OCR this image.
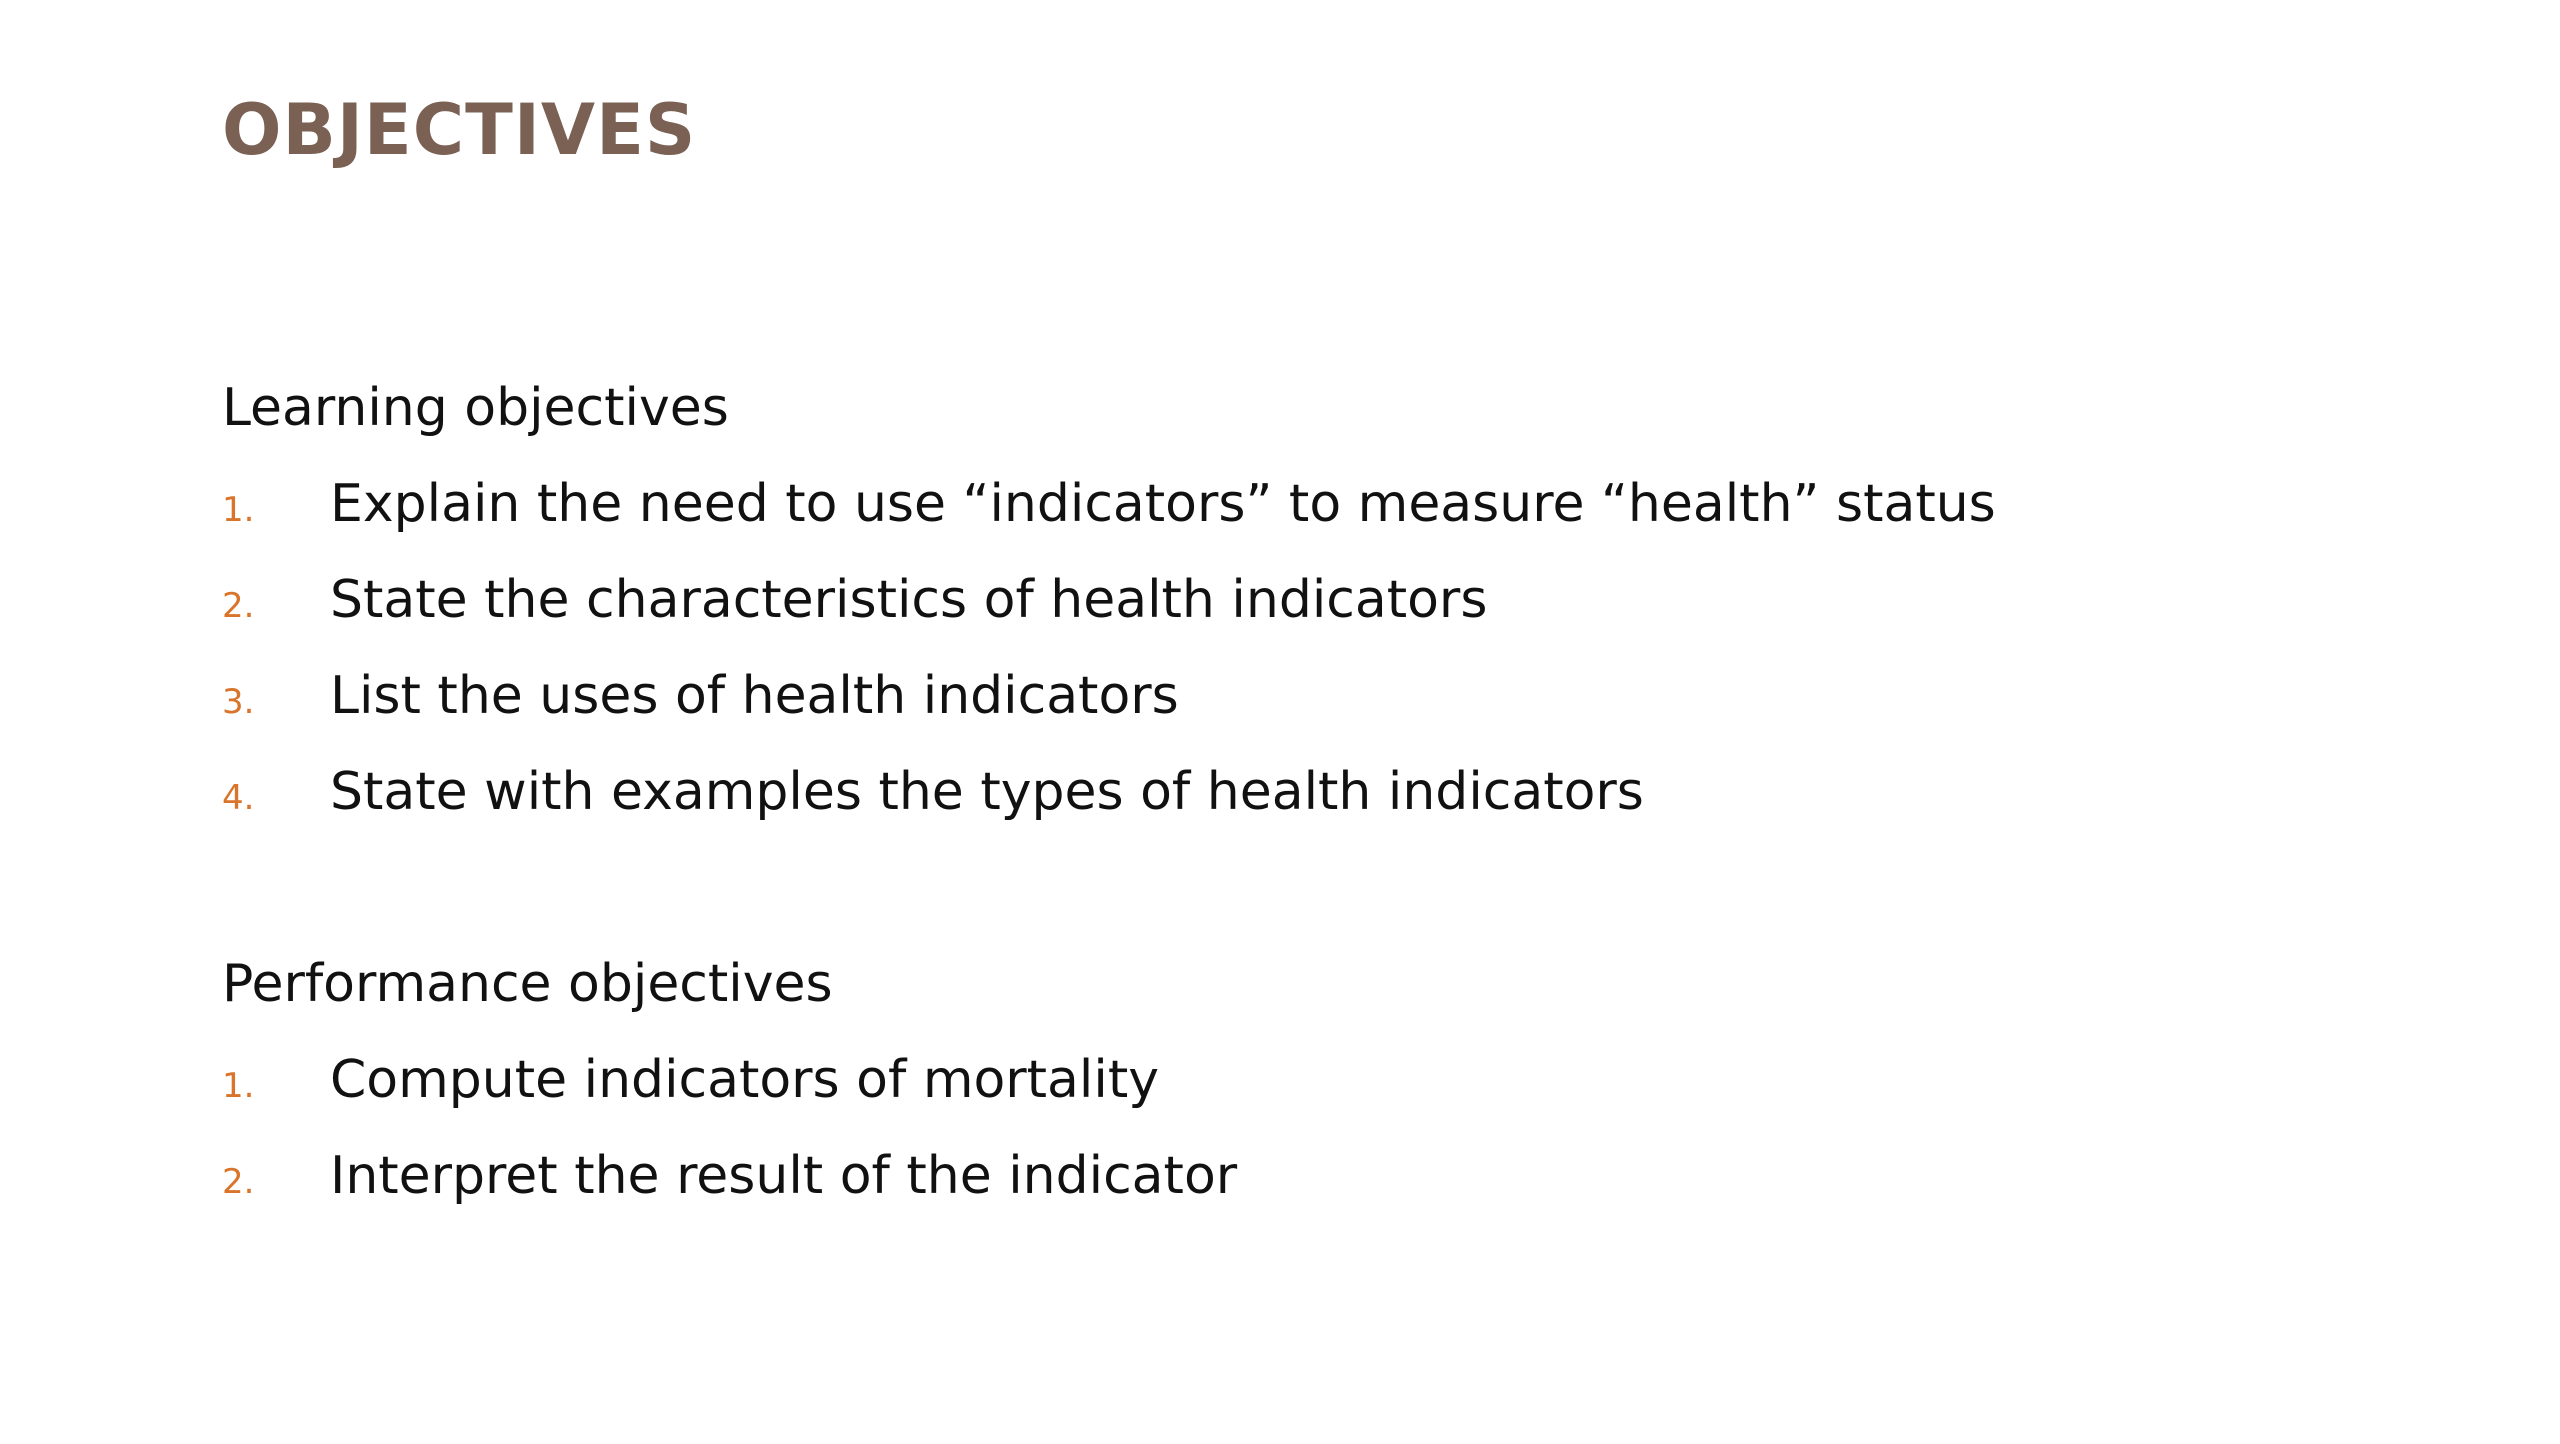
OBJECTIVES
Learning objectives
1.	Explain the need to use “indicators” to measure “health” status
2.	State the characteristics of health indicators
3.	List the uses of health indicators
4.	State with examples the types of health indicators
Performance objectives
1.	Compute indicators of mortality
2.	Interpret the result of the indicator
